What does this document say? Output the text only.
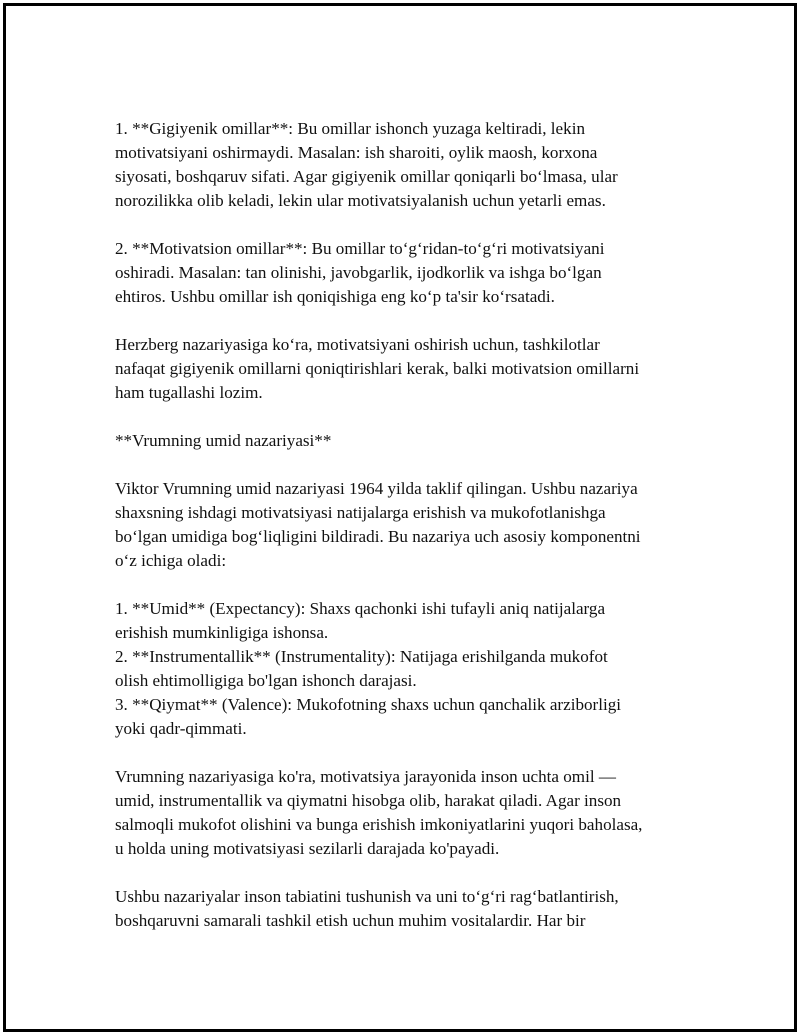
1. **Gigiyenik omillar**: Bu omillar ishonch yuzaga keltiradi, lekin
motivatsiyani oshirmaydi. Masalan: ish sharoiti, oylik maosh, korxona
siyosati, boshqaruv sifati. Agar gigiyenik omillar qoniqarli bo‘lmasa, ular
norozilikka olib keladi, lekin ular motivatsiyalanish uchun yetarli emas.

2. **Motivatsion omillar**: Bu omillar to‘g‘ridan-to‘g‘ri motivatsiyani
oshiradi. Masalan: tan olinishi, javobgarlik, ijodkorlik va ishga bo‘lgan
ehtiros. Ushbu omillar ish qoniqishiga eng ko‘p ta'sir ko‘rsatadi.

Herzberg nazariyasiga ko‘ra, motivatsiyani oshirish uchun, tashkilotlar
nafaqat gigiyenik omillarni qoniqtirishlari kerak, balki motivatsion omillarni
ham tugallashi lozim.

**Vrumning umid nazariyasi**

Viktor Vrumning umid nazariyasi 1964 yilda taklif qilingan. Ushbu nazariya
shaxsning ishdagi motivatsiyasi natijalarga erishish va mukofotlanishga
bo‘lgan umidiga bog‘liqligini bildiradi. Bu nazariya uch asosiy komponentni
o‘z ichiga oladi:

1. **Umid** (Expectancy): Shaxs qachonki ishi tufayli aniq natijalarga
erishish mumkinligiga ishonsa.
2. **Instrumentallik** (Instrumentality): Natijaga erishilganda mukofot
olish ehtimolligiga bo'lgan ishonch darajasi.
3. **Qiymat** (Valence): Mukofotning shaxs uchun qanchalik arziborligi
yoki qadr-qimmati.

Vrumning nazariyasiga ko'ra, motivatsiya jarayonida inson uchta omil —
umid, instrumentallik va qiymatni hisobga olib, harakat qiladi. Agar inson
salmoqli mukofot olishini va bunga erishish imkoniyatlarini yuqori baholasa,
u holda uning motivatsiyasi sezilarli darajada ko'payadi.

Ushbu nazariyalar inson tabiatini tushunish va uni to‘g‘ri rag‘batlantirish,
boshqaruvni samarali tashkil etish uchun muhim vositalardir. Har bir
